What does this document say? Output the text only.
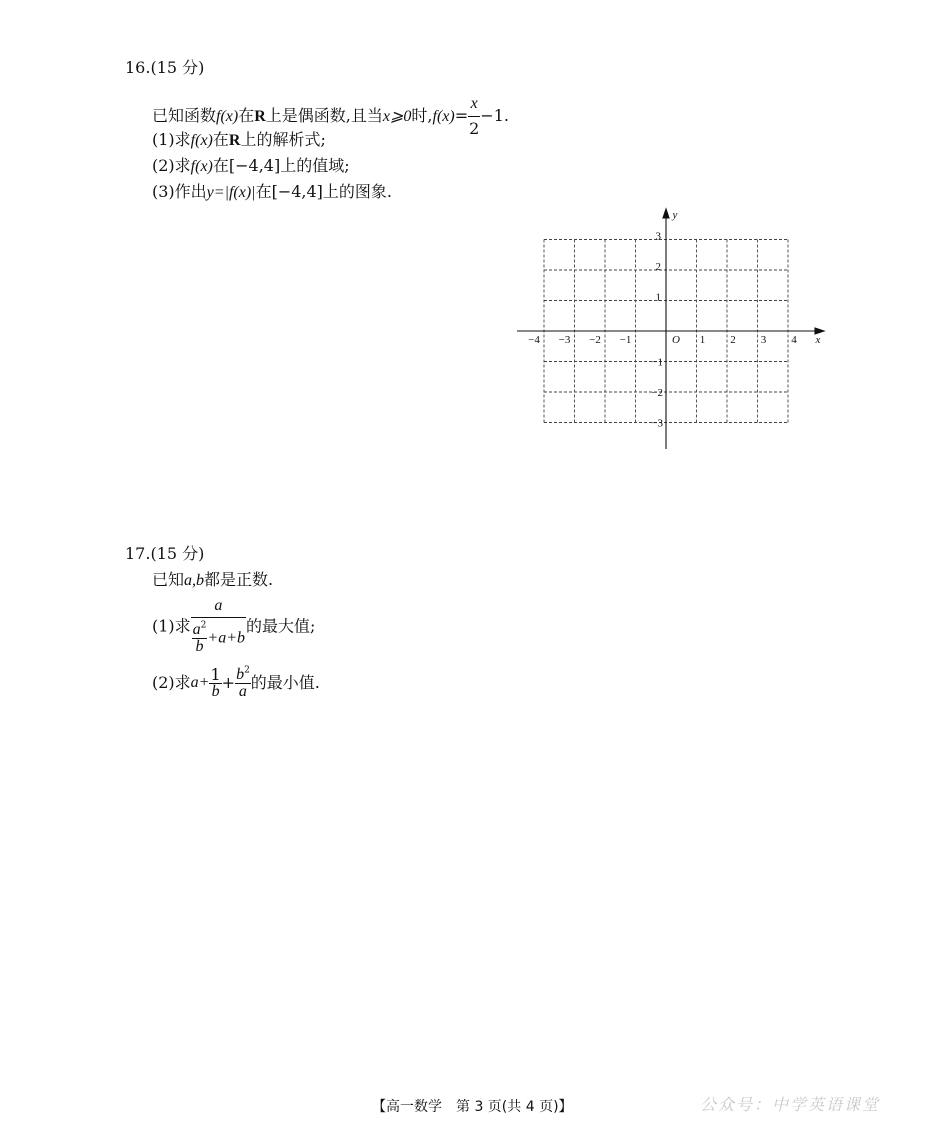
16.(15 分)
已知函数f(x)在R上是偶函数,且当x⩾0时$,f(x)= \frac{x}{2} -1$.
(1)求f(x)在R上的解析式;
(2)求f(x)在[−4,4]上的值域;
(3)作出y=|f(x)|在[−4,4]上的图象.
x
y
O
−4 −3 −2 −1	1 2 3 4
1
2
3
−1
−2
−3
17.(15 分)
已知a,b都是正数.
(1)求 $\frac{a}{\frac{a^2}{b} +a+b}$ 的最大值;
(2)求$a+ \frac{1}{b} + \frac{b^2}{a}$ 的最小值.
【高一数学　第 3 页(共 4 页)】	公众号：中学英语课堂
